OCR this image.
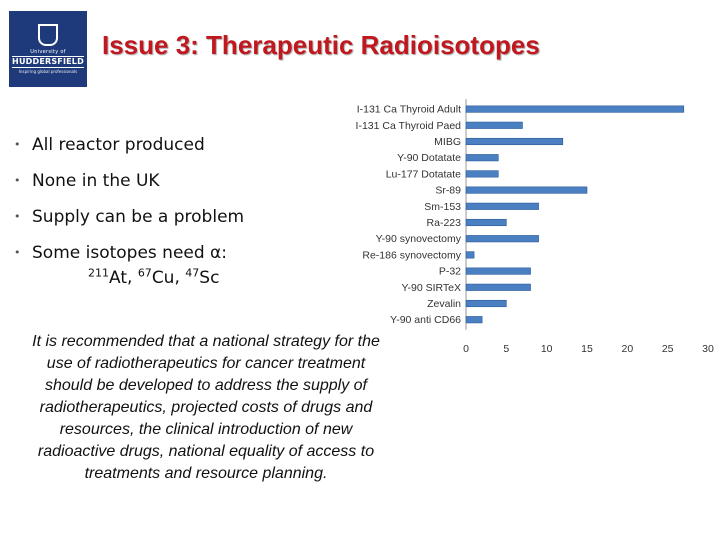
University of
HUDDERSFIELD
Inspiring global professionals
Issue 3: Therapeutic Radioisotopes
• All reactor produced
• None in the UK
• Supply can be a problem
• Some isotopes need α:
$^{211}$At, $^{67}$Cu, $^{47}$Sc

It is recommended that a national strategy for the use of radiotherapeutics for cancer treatment should be developed to address the supply of radiotherapeutics, projected costs of drugs and resources, the clinical introduction of new radioactive drugs, national equality of access to treatments and resource planning.

I-131 Ca Thyroid Adult
I-131 Ca Thyroid Paed
MIBG
Y-90 Dotatate
Lu-177 Dotatate
Sr-89
Sm-153
Ra-223
Y-90 synovectomy
Re-186 synovectomy
P-32
Y-90 SIRTeX
Zevalin
Y-90 anti CD66
0	5	10	15	20	25	30
